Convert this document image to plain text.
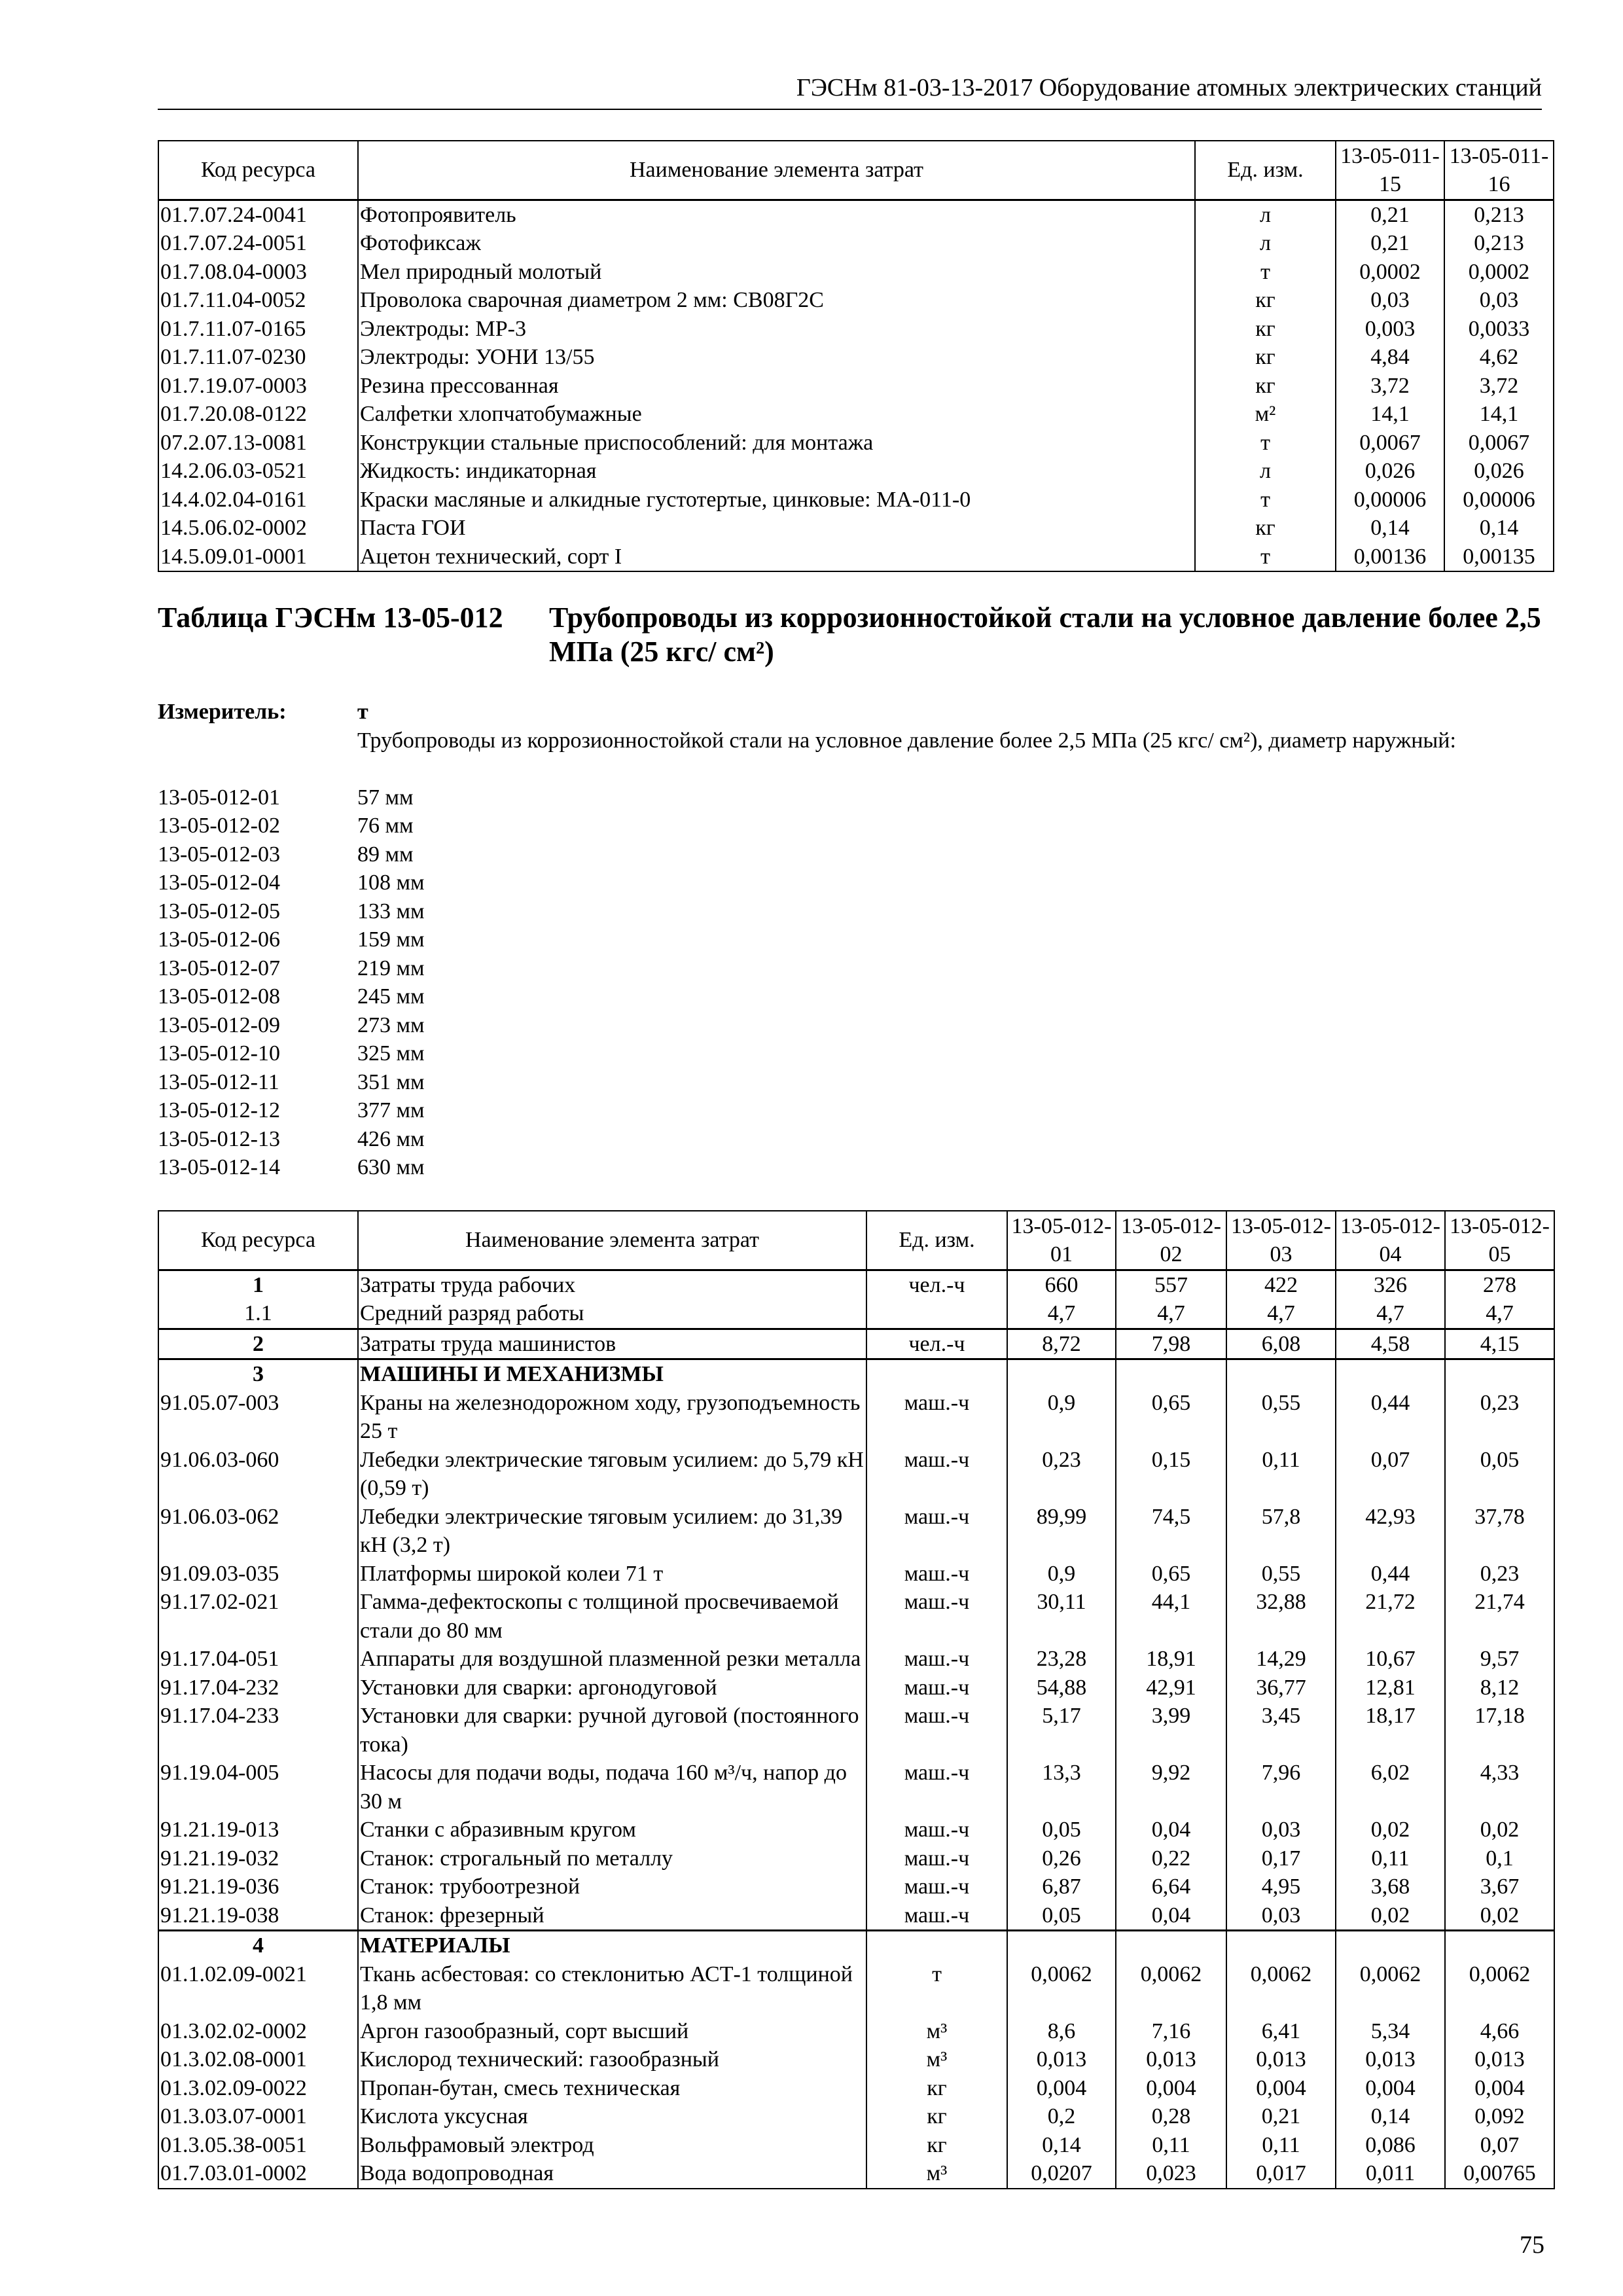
ГЭСНм 81-03-13-2017 Оборудование атомных электрических станций
Код ресурса	Наименование элемента затрат	Ед. изм.	13-05-011-15	13-05-011-16
01.7.07.24-0041	Фотопроявитель	л	0,21	0,213
01.7.07.24-0051	Фотофиксаж	л	0,21	0,213
01.7.08.04-0003	Мел природный молотый	т	0,0002	0,0002
01.7.11.04-0052	Проволока сварочная диаметром 2 мм: СВ08Г2С	кг	0,03	0,03
01.7.11.07-0165	Электроды: МР-3	кг	0,003	0,0033
01.7.11.07-0230	Электроды: УОНИ 13/55	кг	4,84	4,62
01.7.19.07-0003	Резина прессованная	кг	3,72	3,72
01.7.20.08-0122	Салфетки хлопчатобумажные	м²	14,1	14,1
07.2.07.13-0081	Конструкции стальные приспособлений: для монтажа	т	0,0067	0,0067
14.2.06.03-0521	Жидкость: индикаторная	л	0,026	0,026
14.4.02.04-0161	Краски масляные и алкидные густотертые, цинковые: МА-011-0	т	0,00006	0,00006
14.5.06.02-0002	Паста ГОИ	кг	0,14	0,14
14.5.09.01-0001	Ацетон технический, сорт I	т	0,00136	0,00135
Таблица ГЭСНм 13-05-012 Трубопроводы из коррозионностойкой стали на условное давление более 2,5 МПа (25 кгс/ см²)
Измеритель:	т
Трубопроводы из коррозионностойкой стали на условное давление более 2,5 МПа (25 кгс/ см²), диаметр наружный:
13-05-012-01	57 мм
13-05-012-02	76 мм
13-05-012-03	89 мм
13-05-012-04	108 мм
13-05-012-05	133 мм
13-05-012-06	159 мм
13-05-012-07	219 мм
13-05-012-08	245 мм
13-05-012-09	273 мм
13-05-012-10	325 мм
13-05-012-11	351 мм
13-05-012-12	377 мм
13-05-012-13	426 мм
13-05-012-14	630 мм
Код ресурса	Наименование элемента затрат	Ед. изм.	13-05-012-01	13-05-012-02	13-05-012-03	13-05-012-04	13-05-012-05
1	Затраты труда рабочих	чел.-ч	660	557	422	326	278
1.1	Средний разряд работы		4,7	4,7	4,7	4,7	4,7
2	Затраты труда машинистов	чел.-ч	8,72	7,98	6,08	4,58	4,15
3	МАШИНЫ И МЕХАНИЗМЫ						
91.05.07-003	Краны на железнодорожном ходу, грузоподъемность 25 т	маш.-ч	0,9	0,65	0,55	0,44	0,23
91.06.03-060	Лебедки электрические тяговым усилием: до 5,79 кН (0,59 т)	маш.-ч	0,23	0,15	0,11	0,07	0,05
91.06.03-062	Лебедки электрические тяговым усилием: до 31,39 кН (3,2 т)	маш.-ч	89,99	74,5	57,8	42,93	37,78
91.09.03-035	Платформы широкой колеи 71 т	маш.-ч	0,9	0,65	0,55	0,44	0,23
91.17.02-021	Гамма-дефектоскопы с толщиной просвечиваемой стали до 80 мм	маш.-ч	30,11	44,1	32,88	21,72	21,74
91.17.04-051	Аппараты для воздушной плазменной резки металла	маш.-ч	23,28	18,91	14,29	10,67	9,57
91.17.04-232	Установки для сварки: аргонодуговой	маш.-ч	54,88	42,91	36,77	12,81	8,12
91.17.04-233	Установки для сварки: ручной дуговой (постоянного тока)	маш.-ч	5,17	3,99	3,45	18,17	17,18
91.19.04-005	Насосы для подачи воды, подача 160 м³/ч, напор до 30 м	маш.-ч	13,3	9,92	7,96	6,02	4,33
91.21.19-013	Станки с абразивным кругом	маш.-ч	0,05	0,04	0,03	0,02	0,02
91.21.19-032	Станок: строгальный по металлу	маш.-ч	0,26	0,22	0,17	0,11	0,1
91.21.19-036	Станок: трубоотрезной	маш.-ч	6,87	6,64	4,95	3,68	3,67
91.21.19-038	Станок: фрезерный	маш.-ч	0,05	0,04	0,03	0,02	0,02
4	МАТЕРИАЛЫ						
01.1.02.09-0021	Ткань асбестовая: со стеклонитью АСТ-1 толщиной 1,8 мм	т	0,0062	0,0062	0,0062	0,0062	0,0062
01.3.02.02-0002	Аргон газообразный, сорт высший	м³	8,6	7,16	6,41	5,34	4,66
01.3.02.08-0001	Кислород технический: газообразный	м³	0,013	0,013	0,013	0,013	0,013
01.3.02.09-0022	Пропан-бутан, смесь техническая	кг	0,004	0,004	0,004	0,004	0,004
01.3.03.07-0001	Кислота уксусная	кг	0,2	0,28	0,21	0,14	0,092
01.3.05.38-0051	Вольфрамовый электрод	кг	0,14	0,11	0,11	0,086	0,07
01.7.03.01-0002	Вода водопроводная	м³	0,0207	0,023	0,017	0,011	0,00765
75
